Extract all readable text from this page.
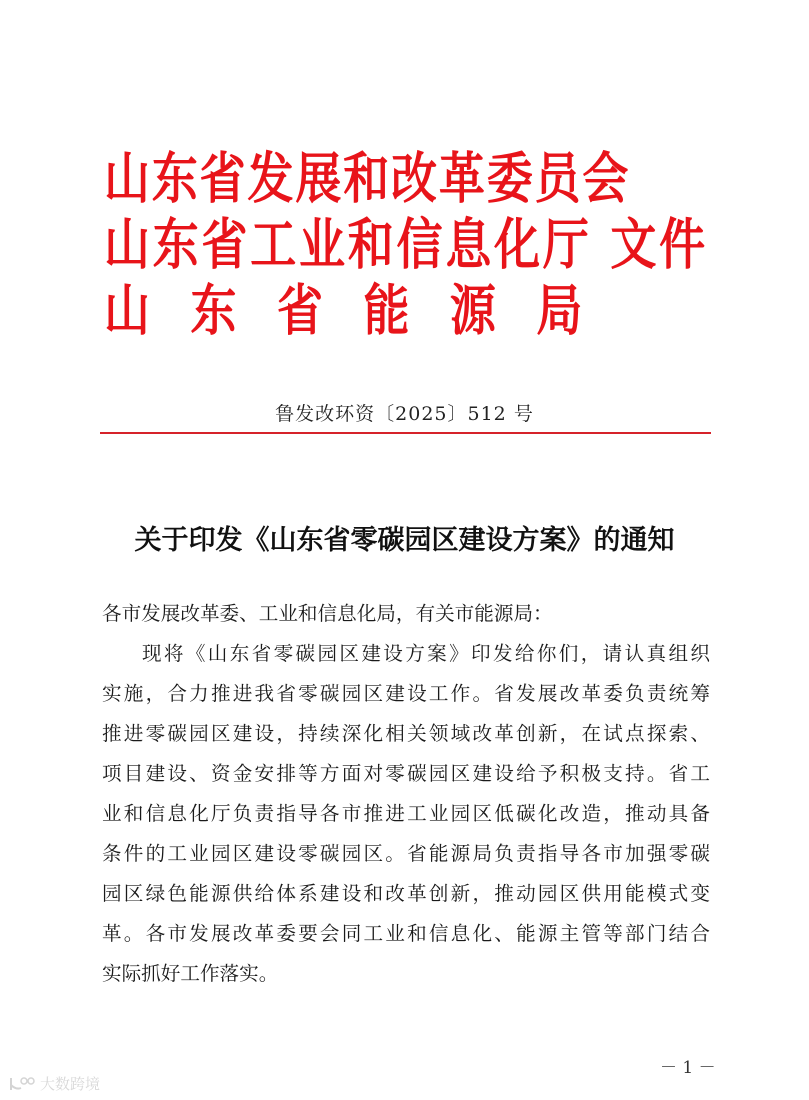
山东省发展和改革委员会
山东省工业和信息化厅 文件
山 东 省 能 源 局
鲁发改环资〔2025〕512 号
关于印发《山东省零碳园区建设方案》的通知
各市发展改革委、工业和信息化局，有关市能源局：
现将《山东省零碳园区建设方案》印发给你们，请认真组织
实施，合力推进我省零碳园区建设工作。省发展改革委负责统筹
推进零碳园区建设，持续深化相关领域改革创新，在试点探索、
项目建设、资金安排等方面对零碳园区建设给予积极支持。省工
业和信息化厅负责指导各市推进工业园区低碳化改造，推动具备
条件的工业园区建设零碳园区。省能源局负责指导各市加强零碳
园区绿色能源供给体系建设和改革创新，推动园区供用能模式变
革。各市发展改革委要会同工业和信息化、能源主管等部门结合
实际抓好工作落实。
－ 1 －
大数跨境
